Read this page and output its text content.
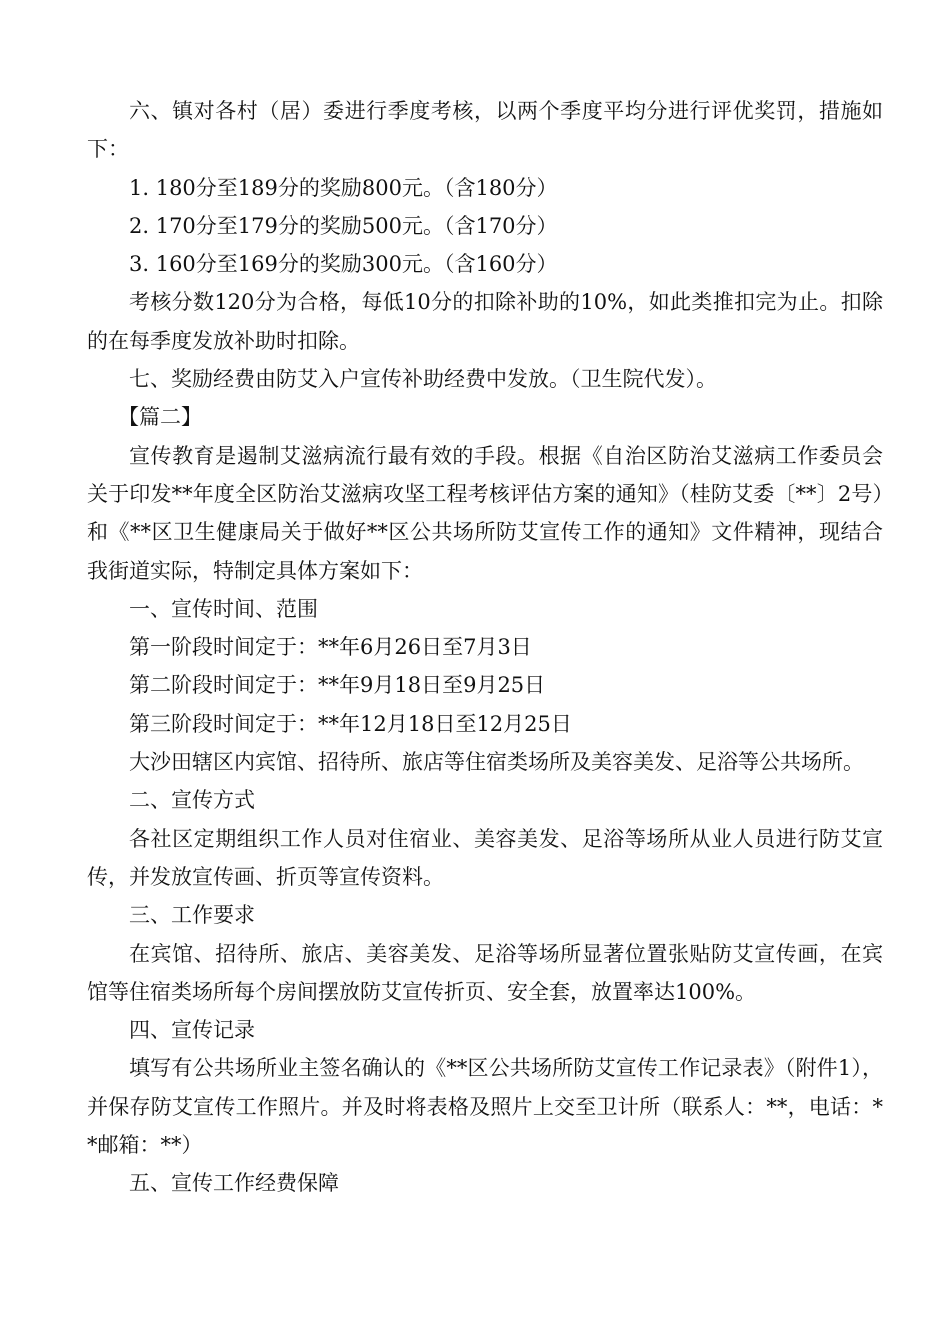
六、镇对各村（居）委进行季度考核，以两个季度平均分进行评优奖罚，措施如下：

1. 180分至189分的奖励800元。（含180分）

2. 170分至179分的奖励500元。（含170分）

3. 160分至169分的奖励300元。（含160分）

考核分数120分为合格，每低10分的扣除补助的10%，如此类推扣完为止。扣除的在每季度发放补助时扣除。

七、奖励经费由防艾入户宣传补助经费中发放。（卫生院代发）。

【篇二】

宣传教育是遏制艾滋病流行最有效的手段。根据《自治区防治艾滋病工作委员会关于印发**年度全区防治艾滋病攻坚工程考核评估方案的通知》（桂防艾委〔**〕2号）和《**区卫生健康局关于做好**区公共场所防艾宣传工作的通知》文件精神，现结合我街道实际，特制定具体方案如下：

一、宣传时间、范围

第一阶段时间定于：**年6月26日至7月3日

第二阶段时间定于：**年9月18日至9月25日

第三阶段时间定于：**年12月18日至12月25日

大沙田辖区内宾馆、招待所、旅店等住宿类场所及美容美发、足浴等公共场所。

二、宣传方式

各社区定期组织工作人员对住宿业、美容美发、足浴等场所从业人员进行防艾宣传，并发放宣传画、折页等宣传资料。

三、工作要求

在宾馆、招待所、旅店、美容美发、足浴等场所显著位置张贴防艾宣传画，在宾馆等住宿类场所每个房间摆放防艾宣传折页、安全套，放置率达100%。

四、宣传记录

填写有公共场所业主签名确认的《**区公共场所防艾宣传工作记录表》（附件1），并保存防艾宣传工作照片。并及时将表格及照片上交至卫计所（联系人：**，电话：**邮箱：**）

五、宣传工作经费保障
